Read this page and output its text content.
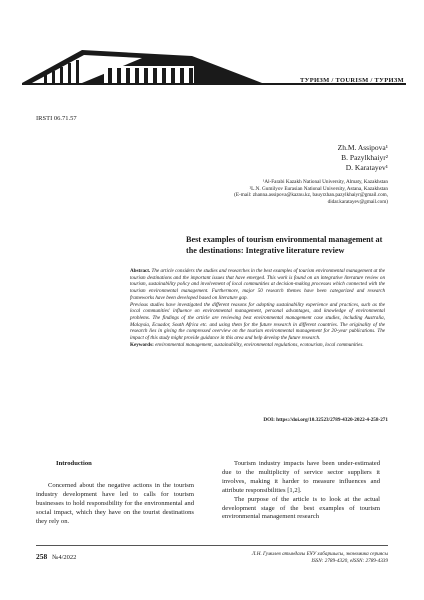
ТУРИЗМ / TOURISM / ТУРИЗМ
IRSTI 06.71.57
Zh.M. Assipova¹
B. Pazylkhaiyr²
D. Karatayev¹
¹Al-Farabi Kazakh National University, Almaty, Kazakhstan
²L.N. Gumilyov Eurasian National University, Astana, Kazakhstan
(E-mail: zhanna.assipova@kaznu.kz, bauyrzhan.pazylkhaiyr@gmail.com,
didar.karatayev@gmail.com)
Best examples of tourism environmental management at the destinations: Integrative literature review
Abstract. The article considers the studies and researches in the best examples of tourism environmental management at the tourism destinations and the important issues that have emerged. This work is found on an integrative literature review on tourism, sustainability policy and involvement of local communities at decision-making processes which connected with the tourism environmental management. Furthermore, major 50 research themes have been categorized and research frameworks have been developed based on literature gap.
Previous studies have investigated the different reasons for adopting sustainability experience and practices, such as the local communities' influence on environmental management, personal advantages, and knowledge of environmental problems. The findings of the article are reviewing best environmental management case studies, including Australia, Malaysia, Ecuador, South Africa etc. and using them for the future research in different countries. The originality of the research lies in giving the compressed overview on the tourism environmental management for 20-year publications. The impact of this study might provide guidance in this area and help develop the future research.
Keywords: environmental management, sustainability, environmental regulations, ecotourism, local communities.
DOI: https://doi.org/10.32523/2789-4320-2022-4-258-271
Introduction
Concerned about the negative actions in the tourism industry development have led to calls for tourism businesses to hold responsibility for the environmental and social impact, which they have on the tourist destinations they rely on.
Tourism industry impacts have been under-estimated due to the multiplicity of service sector suppliers it involves, making it harder to measure influences and attribute responsibilities [1,2].
The purpose of the article is to look at the actual development stage of the best examples of tourism environmental management research
258 №4/2022	Л.Н. Гумилев атындағы ЕҰУ хабаршысы, экономика сериясы
ISSN: 2789-4320, eISSN: 2789-4339
